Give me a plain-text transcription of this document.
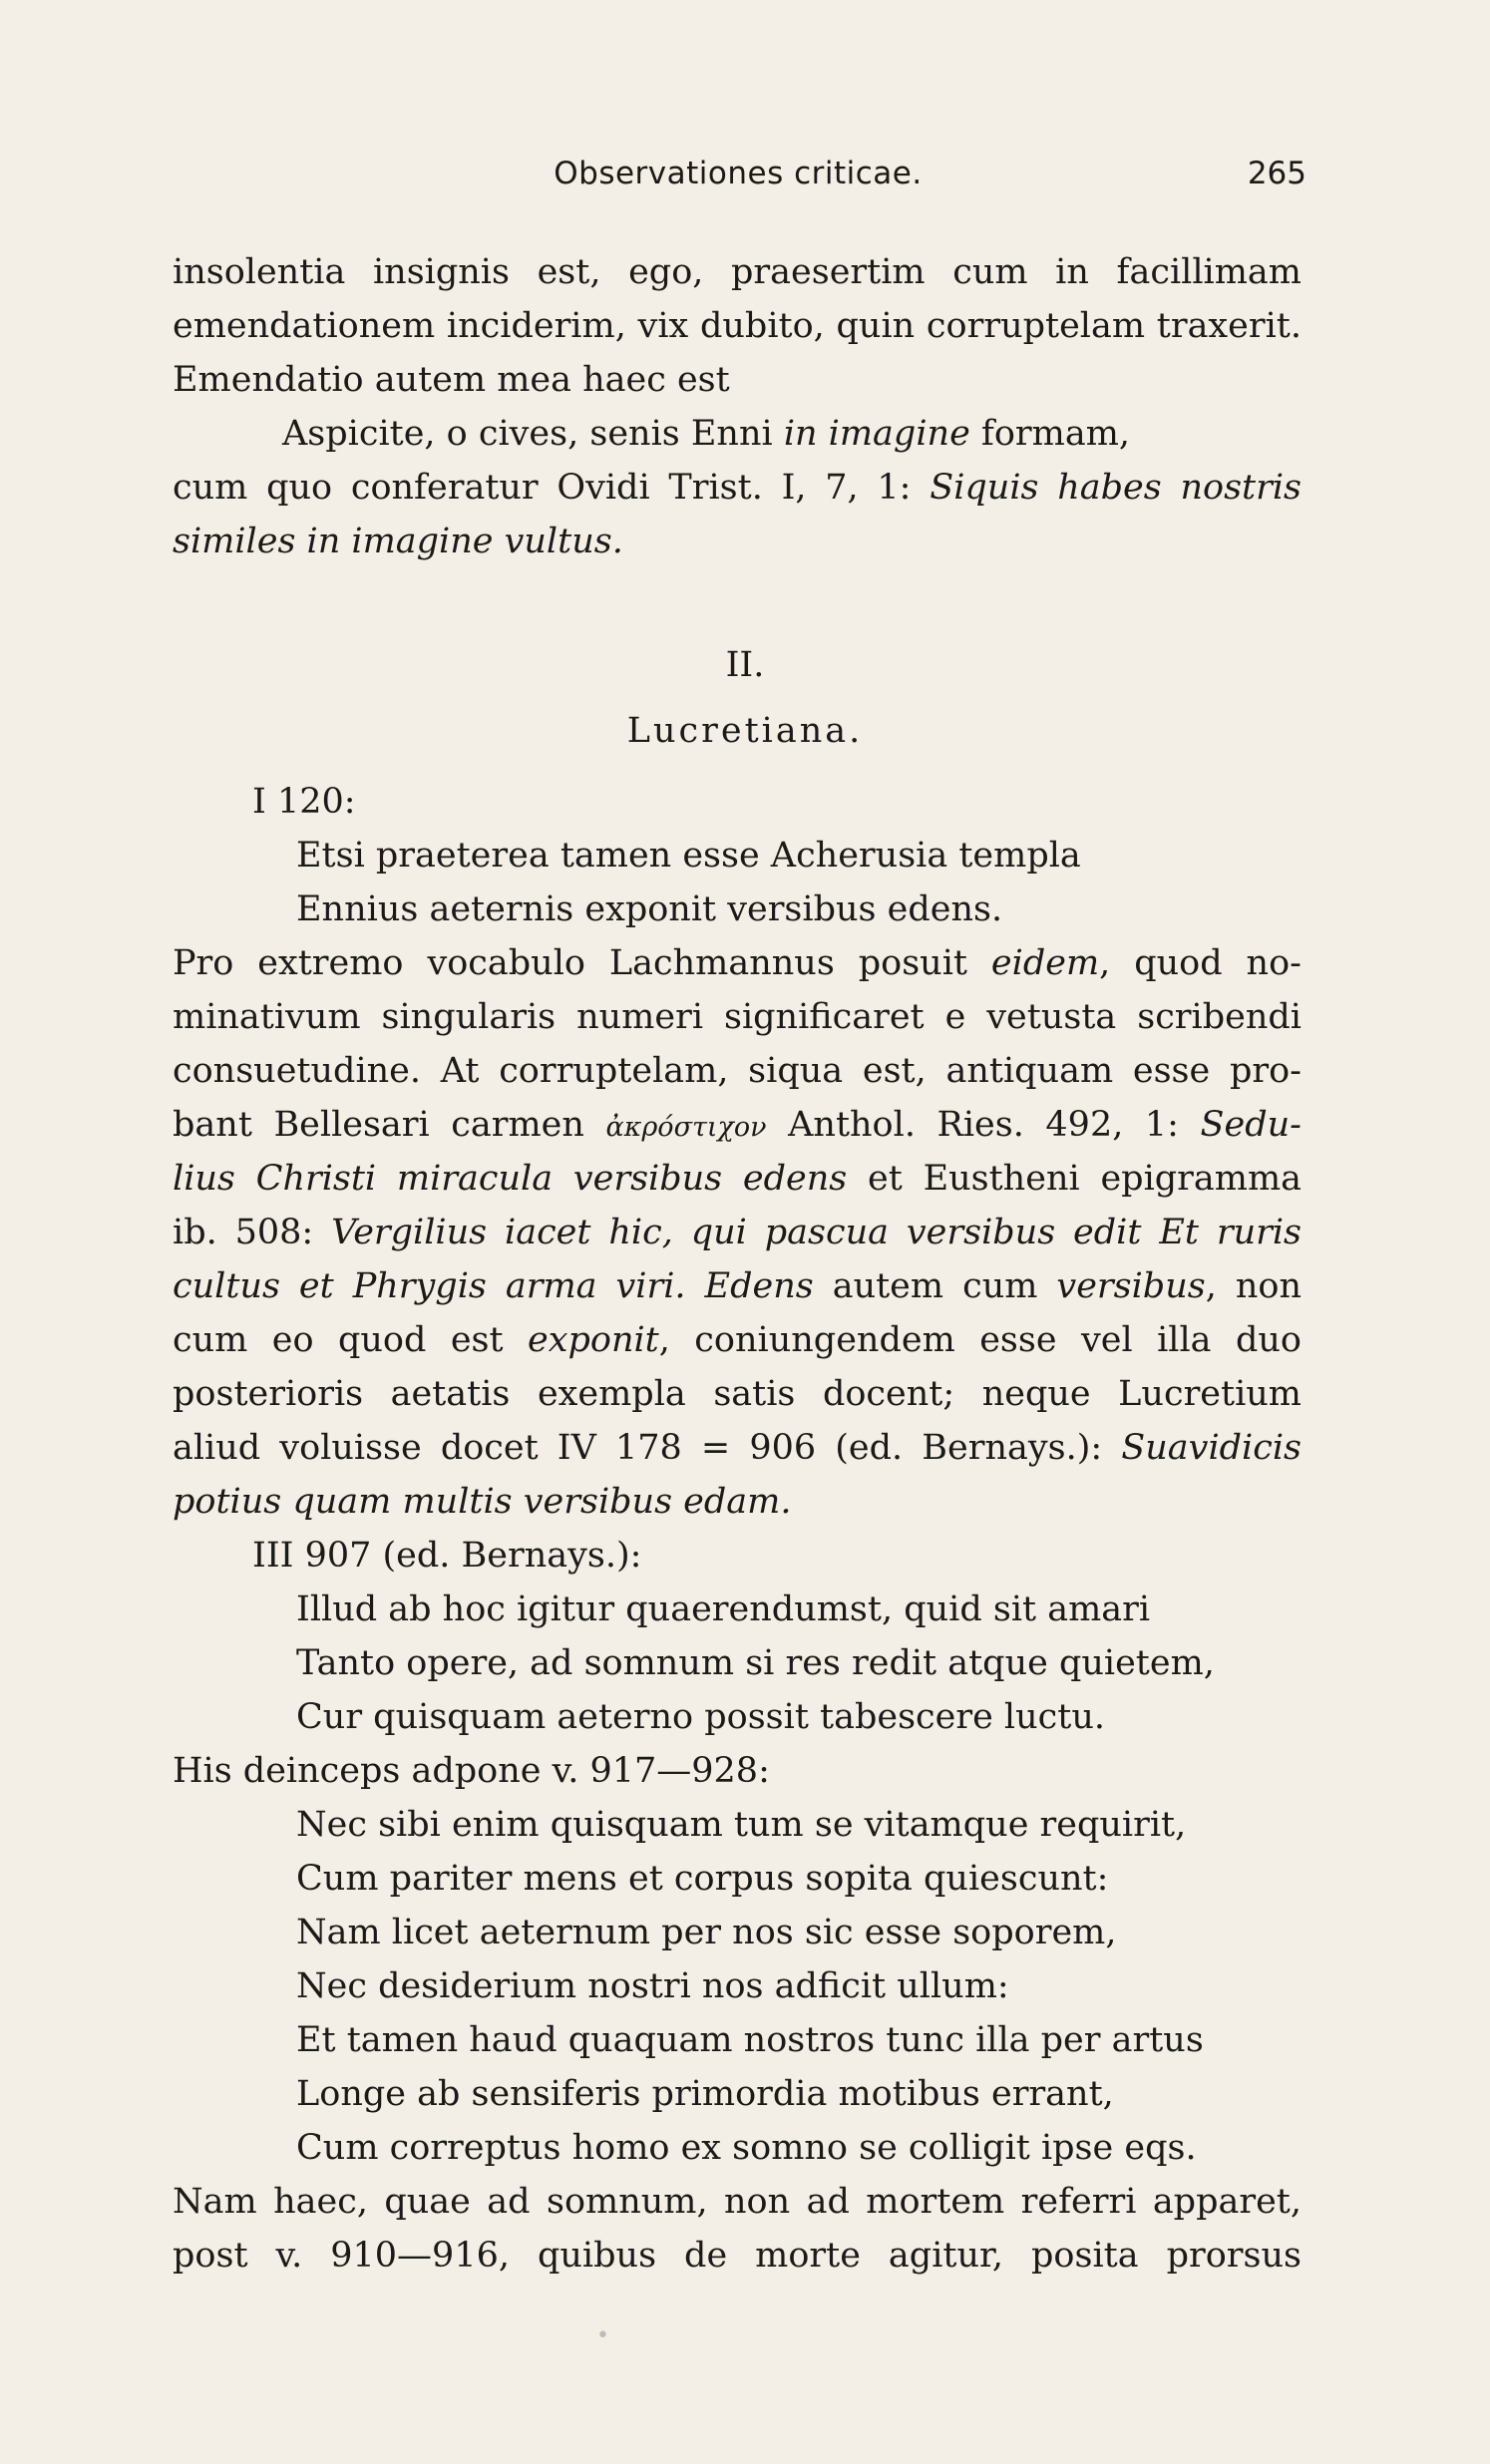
Observationes criticae.	265
insolentia insignis est, ego, praesertim cum in facillimam
emendationem inciderim, vix dubito, quin corruptelam traxerit.
Emendatio autem mea haec est
Aspicite, o cives, senis Enni in imagine formam,
cum quo conferatur Ovidi Trist. I, 7, 1: Siquis habes nostris
similes in imagine vultus.
II.
Lucretiana.
I 120:
Etsi praeterea tamen esse Acherusia templa
Ennius aeternis exponit versibus edens.
Pro extremo vocabulo Lachmannus posuit eidem, quod no-
minativum singularis numeri significaret e vetusta scribendi
consuetudine. At corruptelam, siqua est, antiquam esse pro-
bant Bellesari carmen ἀκρόστιχον Anthol. Ries. 492, 1: Sedu-
lius Christi miracula versibus edens et Eustheni epigramma
ib. 508: Vergilius iacet hic, qui pascua versibus edit Et ruris
cultus et Phrygis arma viri. Edens autem cum versibus, non
cum eo quod est exponit, coniungendem esse vel illa duo
posterioris aetatis exempla satis docent; neque Lucretium
aliud voluisse docet IV 178 = 906 (ed. Bernays.): Suavidicis
potius quam multis versibus edam.
III 907 (ed. Bernays.):
Illud ab hoc igitur quaerendumst, quid sit amari
Tanto opere, ad somnum si res redit atque quietem,
Cur quisquam aeterno possit tabescere luctu.
His deinceps adpone v. 917—928:
Nec sibi enim quisquam tum se vitamque requirit,
Cum pariter mens et corpus sopita quiescunt:
Nam licet aeternum per nos sic esse soporem,
Nec desiderium nostri nos adficit ullum:
Et tamen haud quaquam nostros tunc illa per artus
Longe ab sensiferis primordia motibus errant,
Cum correptus homo ex somno se colligit ipse eqs.
Nam haec, quae ad somnum, non ad mortem referri apparet,
post v. 910—916, quibus de morte agitur, posita prorsus
•
